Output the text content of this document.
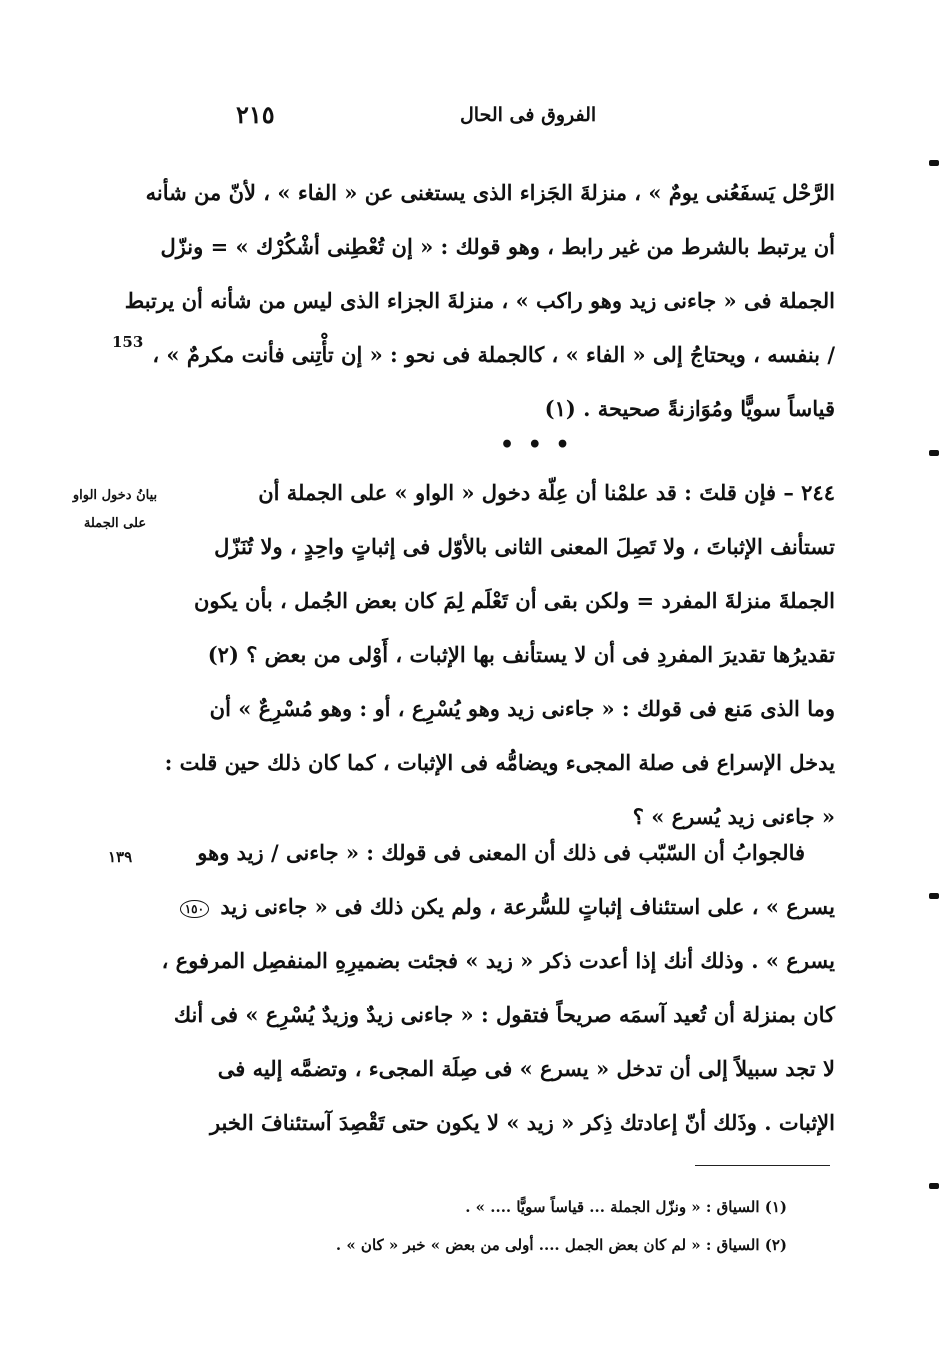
٢١٥	الفروق فى الحال
الرَّحْل يَسفَعُنى يومٌ » ، منزلةَ الجَزاء الذى يستغنى عن « الفاء » ، لأنّ من شأنه
أن يرتبط بالشرط من غير رابط ، وهو قولك : « إن تُعْطِنى أشْكُرْك » = ونزّل
الجملة فى « جاءنى زيد وهو راكب » ، منزلةَ الجزاء الذى ليس من شأنه أن يرتبط
/ بنفسه ، ويحتاجُ إلى « الفاء » ، كالجملة فى نحو : « إن تأْتِنى فأنت مكرمٌ » ،
قياساً سويًّا ومُوَازنةً صحيحة . (١)
153
• • •
بيانُ دخول الواو
على الجملة
٢٤٤ – فإن قلتَ : قد علمْنا أن عِلّة دخول « الواو » على الجملة أن
تستأنف الإثباتَ ، ولا تَصِلَ المعنى الثانى بالأوّل فى إثباتٍ واحِدٍ ، ولا تُنَزّل
الجملةَ منزلةَ المفرد = ولكن بقى أن تَعْلَم لِمَ كان بعض الجُمل ، بأن يكون
تقديرُها تقديرَ المفردِ فى أن لا يستأنف بها الإثبات ، أَوْلى من بعض ؟ (٢)
وما الذى مَنع فى قولك : « جاءنى زيد وهو يُسْرِع ، أو : وهو مُسْرِعٌ » أن
يدخل الإسراع فى صلة المجىء ويضامُّه فى الإثبات ، كما كان ذلك حين قلت :
« جاءنى زيد يُسرع » ؟
١٣٩	فالجوابُ أن السّبّب فى ذلك أن المعنى فى قولك : « جاءنى / زيد وهو
يسرع » ، على استئناف إثباتٍ للسُّرعة ، ولم يكن ذلك فى « جاءنى زيد ١٥٠
يسرع » . وذلك أنك إذا أعدت ذكر « زيد » فجئت بضميرِهِ المنفصِل المرفوع ،
كان بمنزلة أن تُعيد آسمَه صريحاً فتقول : « جاءنى زيدٌ وزيدٌ يُسْرِع » فى أنك
لا تجد سبيلاً إلى أن تدخل « يسرع » فى صِلَة المجىء ، وتضمَّه إليه فى
الإثبات . وذَلك أنّ إعادتك ذِكر « زيد » لا يكون حتى تَقْصِدَ آستئنافَ الخبر
(١) السياق : « ونزّل الجملة ... قياساً سويًّا .... » .
(٢) السياق : « لم كان بعض الجمل .... أولى من بعض » خبر « كان » .
